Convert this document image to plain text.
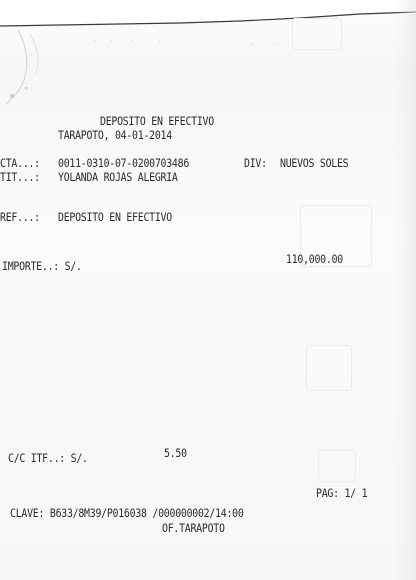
·  ·   ·    ·	·   ·
DEPOSITO EN EFECTIVO
TARAPOTO, 04-01-2014
CTA...: 0011-0310-07-0200703486	DIV: NUEVOS SOLES
TIT...: YOLANDA ROJAS ALEGRIA
REF...: DEPOSITO EN EFECTIVO
IMPORTE..: S/.	110,000.00
C/C ITF..: S/.	5.50
PAG: 1/ 1
CLAVE: B633/8M39/P016038 /000000002/14:00
OF.TARAPOTO
